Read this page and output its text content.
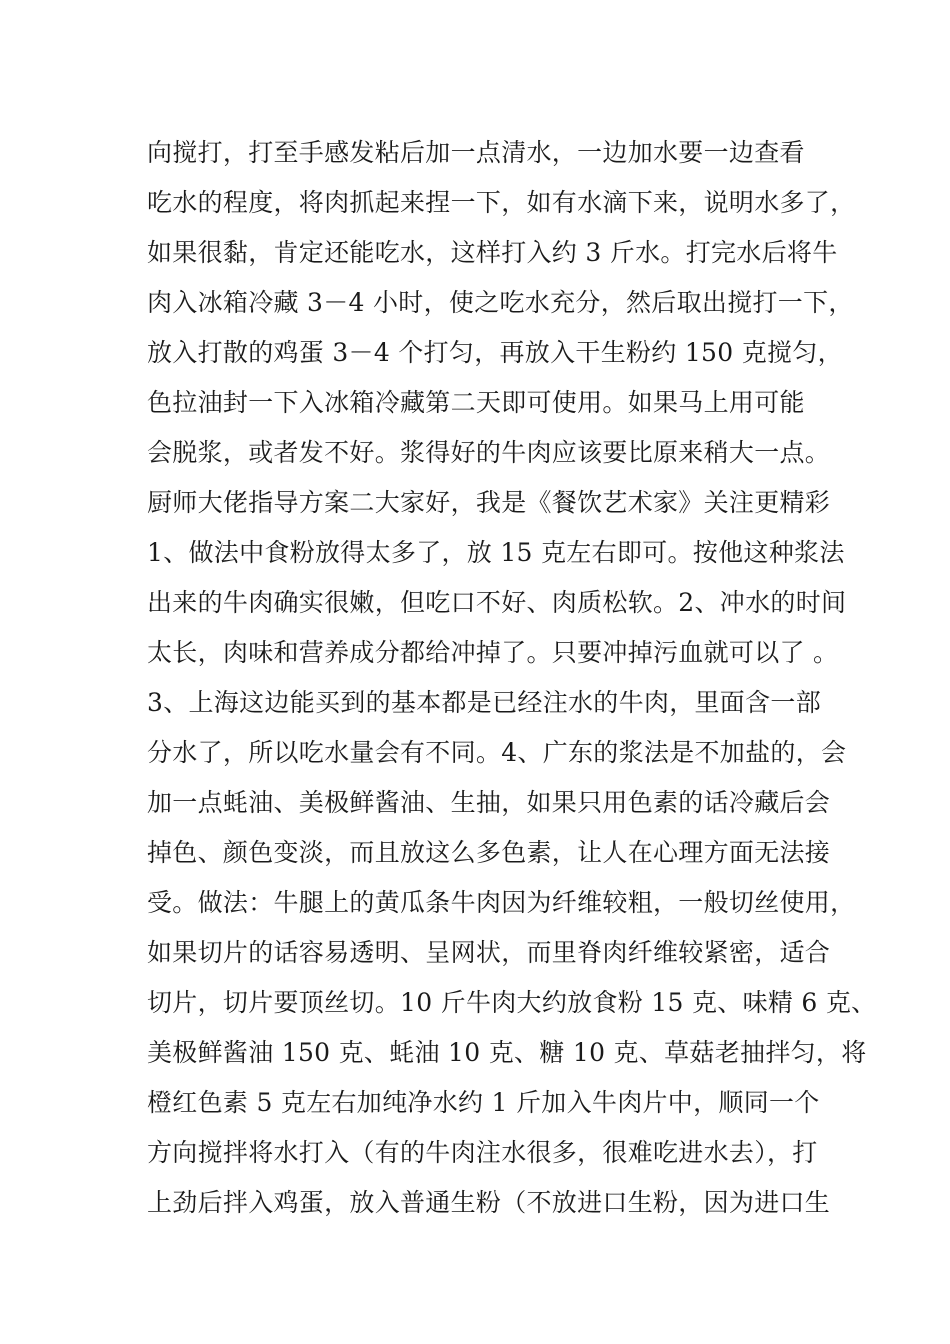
向搅打，打至手感发粘后加一点清水，一边加水要一边查看
吃水的程度，将肉抓起来捏一下，如有水滴下来，说明水多了，
如果很黏，肯定还能吃水，这样打入约 3 斤水。打完水后将牛
肉入冰箱冷藏 3－4 小时，使之吃水充分，然后取出搅打一下，
放入打散的鸡蛋 3－4 个打匀，再放入干生粉约 150 克搅匀，
色拉油封一下入冰箱冷藏第二天即可使用。如果马上用可能
会脱浆，或者发不好。浆得好的牛肉应该要比原来稍大一点。
厨师大佬指导方案二大家好，我是《餐饮艺术家》关注更精彩
1、做法中食粉放得太多了，放 15 克左右即可。按他这种浆法
出来的牛肉确实很嫩，但吃口不好、肉质松软。2、冲水的时间
太长，肉味和营养成分都给冲掉了。只要冲掉污血就可以了 。
3、上海这边能买到的基本都是已经注水的牛肉，里面含一部
分水了，所以吃水量会有不同。4、广东的浆法是不加盐的，会
加一点蚝油、美极鲜酱油、生抽，如果只用色素的话冷藏后会
掉色、颜色变淡，而且放这么多色素，让人在心理方面无法接
受。做法：牛腿上的黄瓜条牛肉因为纤维较粗，一般切丝使用，
如果切片的话容易透明、呈网状，而里脊肉纤维较紧密，适合
切片，切片要顶丝切。10 斤牛肉大约放食粉 15 克、味精 6 克、
美极鲜酱油 150 克、蚝油 10 克、糖 10 克、草菇老抽拌匀，将
橙红色素 5 克左右加纯净水约 1 斤加入牛肉片中，顺同一个
方向搅拌将水打入（有的牛肉注水很多，很难吃进水去），打
上劲后拌入鸡蛋，放入普通生粉（不放进口生粉，因为进口生
